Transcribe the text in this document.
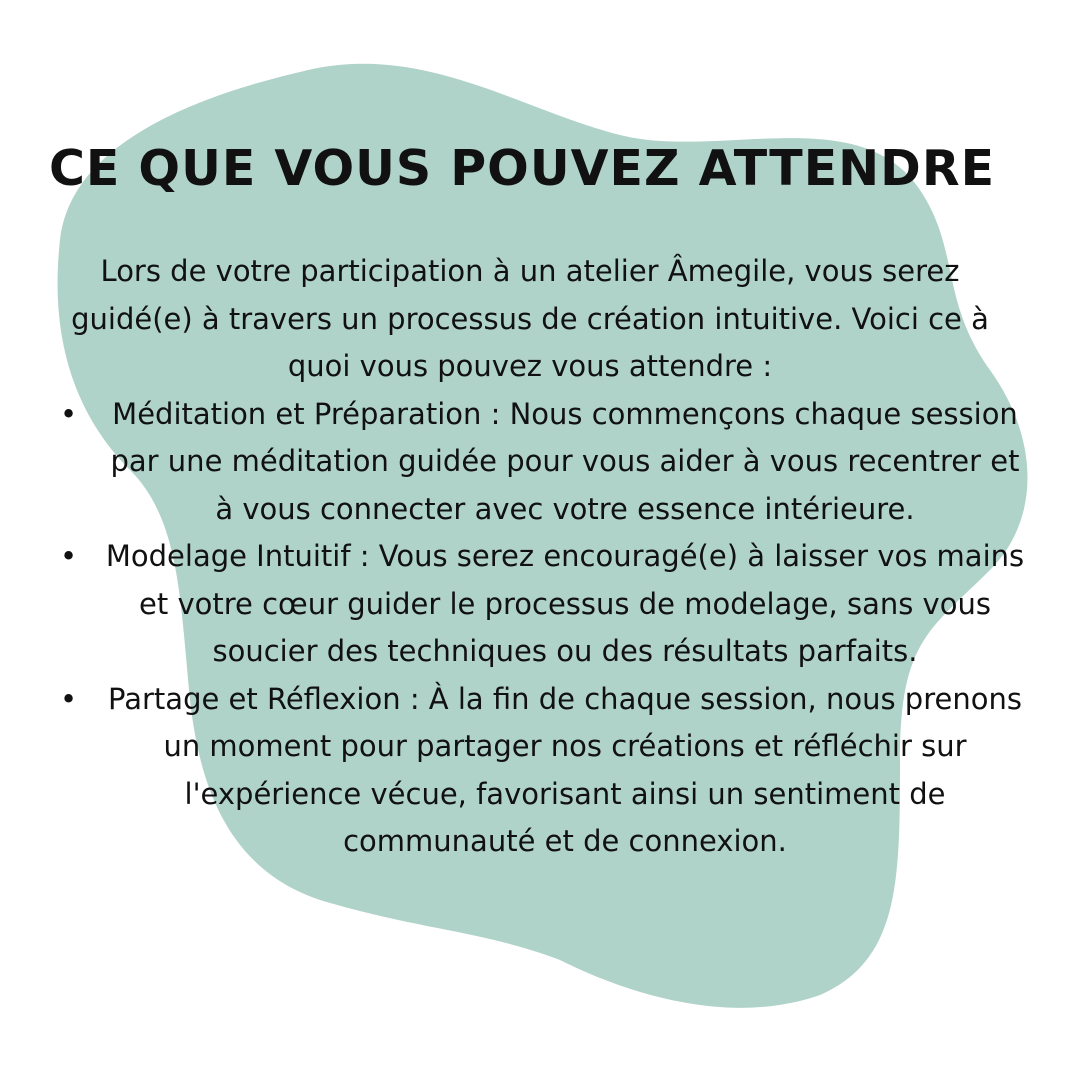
CE QUE VOUS POUVEZ ATTENDRE

Lors de votre participation à un atelier Âmegile, vous serez guidé(e) à travers un processus de création intuitive. Voici ce à quoi vous pouvez vous attendre :

• Méditation et Préparation : Nous commençons chaque session par une méditation guidée pour vous aider à vous recentrer et à vous connecter avec votre essence intérieure.
• Modelage Intuitif : Vous serez encouragé(e) à laisser vos mains et votre cœur guider le processus de modelage, sans vous soucier des techniques ou des résultats parfaits.
• Partage et Réflexion : À la fin de chaque session, nous prenons un moment pour partager nos créations et réfléchir sur l'expérience vécue, favorisant ainsi un sentiment de communauté et de connexion.
